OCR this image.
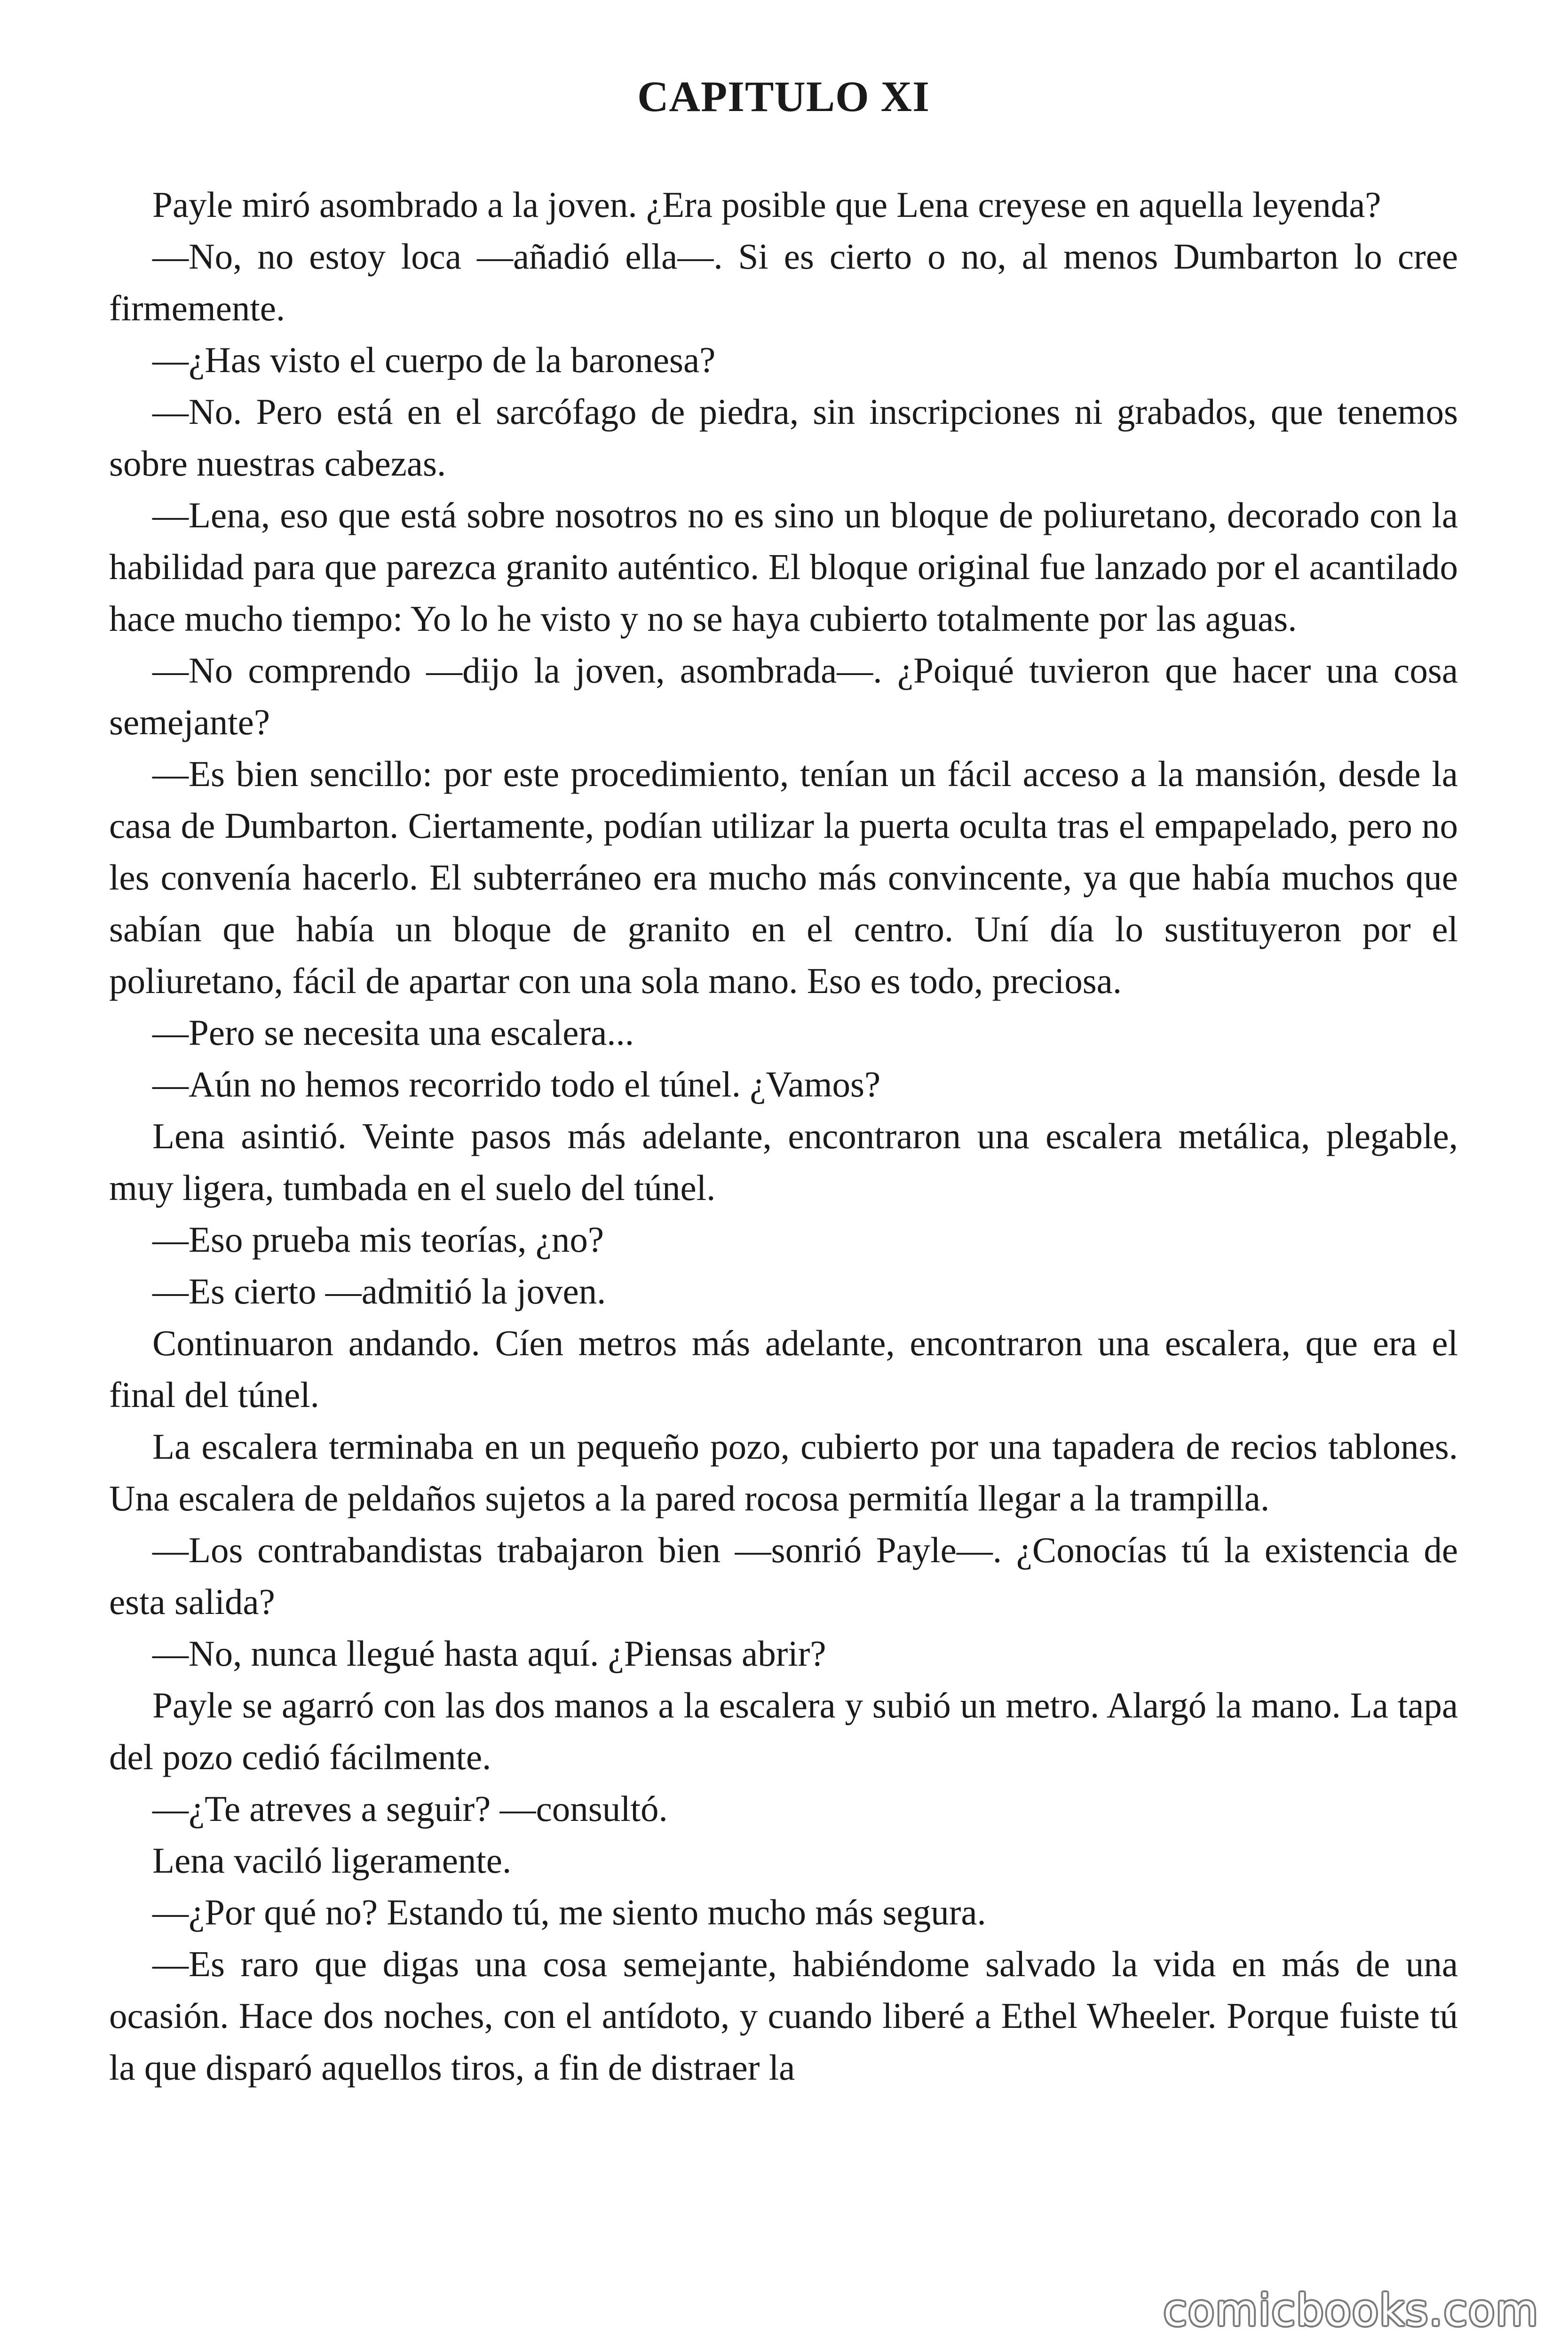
CAPITULO XI

Payle miró asombrado a la joven. ¿Era posible que Lena creyese en aquella leyenda?

—No, no estoy loca —añadió ella—. Si es cierto o no, al menos Dumbarton lo cree firmemente.

—¿Has visto el cuerpo de la baronesa?

—No. Pero está en el sarcófago de piedra, sin inscripciones ni grabados, que tenemos sobre nuestras cabezas.

—Lena, eso que está sobre nosotros no es sino un bloque de poliuretano, decorado con la habilidad para que parezca granito auténtico. El bloque original fue lanzado por el acantilado hace mucho tiempo: Yo lo he visto y no se haya cubierto totalmente por las aguas.

—No comprendo —dijo la joven, asombrada—. ¿Poiqué tuvieron que hacer una cosa semejante?

—Es bien sencillo: por este procedimiento, tenían un fácil acceso a la mansión, desde la casa de Dumbarton. Ciertamente, podían utilizar la puerta oculta tras el empapelado, pero no les convenía hacerlo. El subterráneo era mucho más convincente, ya que había muchos que sabían que había un bloque de granito en el centro. Uní día lo sustituyeron por el poliuretano, fácil de apartar con una sola mano. Eso es todo, preciosa.

—Pero se necesita una escalera...

—Aún no hemos recorrido todo el túnel. ¿Vamos?

Lena asintió. Veinte pasos más adelante, encontraron una escalera metálica, plegable, muy ligera, tumbada en el suelo del túnel.

—Eso prueba mis teorías, ¿no?

—Es cierto —admitió la joven.

Continuaron andando. Cíen metros más adelante, encontraron una escalera, que era el final del túnel.

La escalera terminaba en un pequeño pozo, cubierto por una tapadera de recios tablones. Una escalera de peldaños sujetos a la pared rocosa permitía llegar a la trampilla.

—Los contrabandistas trabajaron bien —sonrió Payle—. ¿Conocías tú la existencia de esta salida?

—No, nunca llegué hasta aquí. ¿Piensas abrir?

Payle se agarró con las dos manos a la escalera y subió un metro. Alargó la mano. La tapa del pozo cedió fácilmente.

—¿Te atreves a seguir? —consultó.

Lena vaciló ligeramente.

—¿Por qué no? Estando tú, me siento mucho más segura.

—Es raro que digas una cosa semejante, habiéndome salvado la vida en más de una ocasión. Hace dos noches, con el antídoto, y cuando liberé a Ethel Wheeler. Porque fuiste tú la que disparó aquellos tiros, a fin de distraer la

comicbooks.com
